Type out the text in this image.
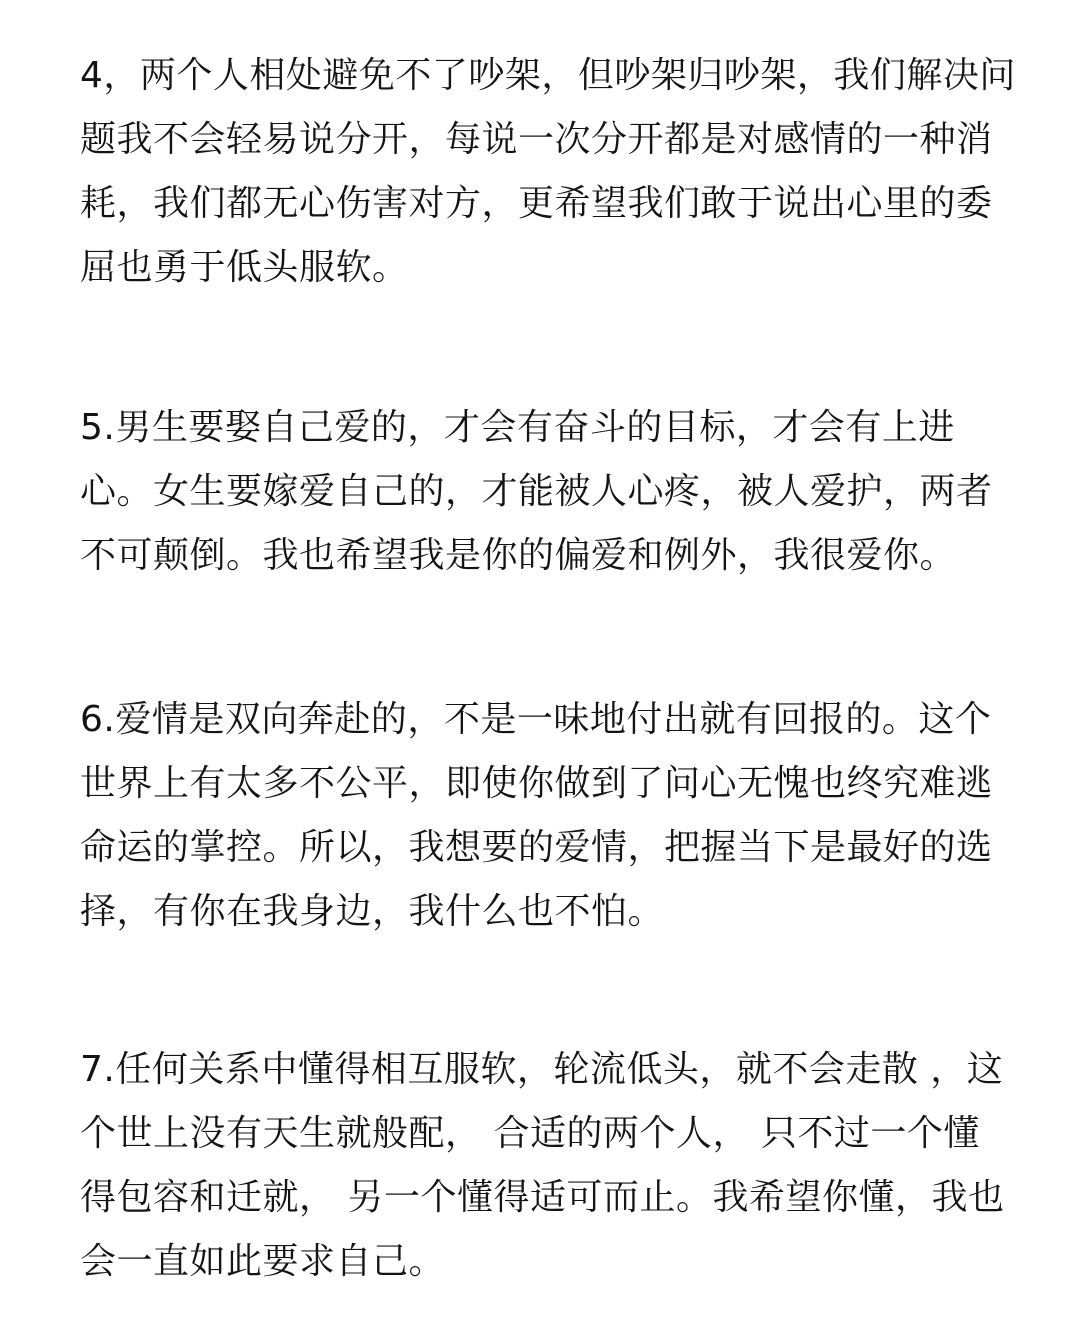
4，两个人相处避免不了吵架，但吵架归吵架，我们解决问
题我不会轻易说分开，每说一次分开都是对感情的一种消
耗，我们都无心伤害对方，更希望我们敢于说出心里的委
屈也勇于低头服软。

5.男生要娶自己爱的，才会有奋斗的目标，才会有上进
心。女生要嫁爱自己的，才能被人心疼，被人爱护，两者
不可颠倒。我也希望我是你的偏爱和例外，我很爱你。

6.爱情是双向奔赴的，不是一味地付出就有回报的。这个
世界上有太多不公平，即使你做到了问心无愧也终究难逃
命运的掌控。所以，我想要的爱情，把握当下是最好的选
择，有你在我身边，我什么也不怕。

7.任何关系中懂得相互服软，轮流低头，就不会走散 ，这
个世上没有天生就般配， 合适的两个人， 只不过一个懂
得包容和迁就， 另一个懂得适可而止。我希望你懂，我也
会一直如此要求自己。
